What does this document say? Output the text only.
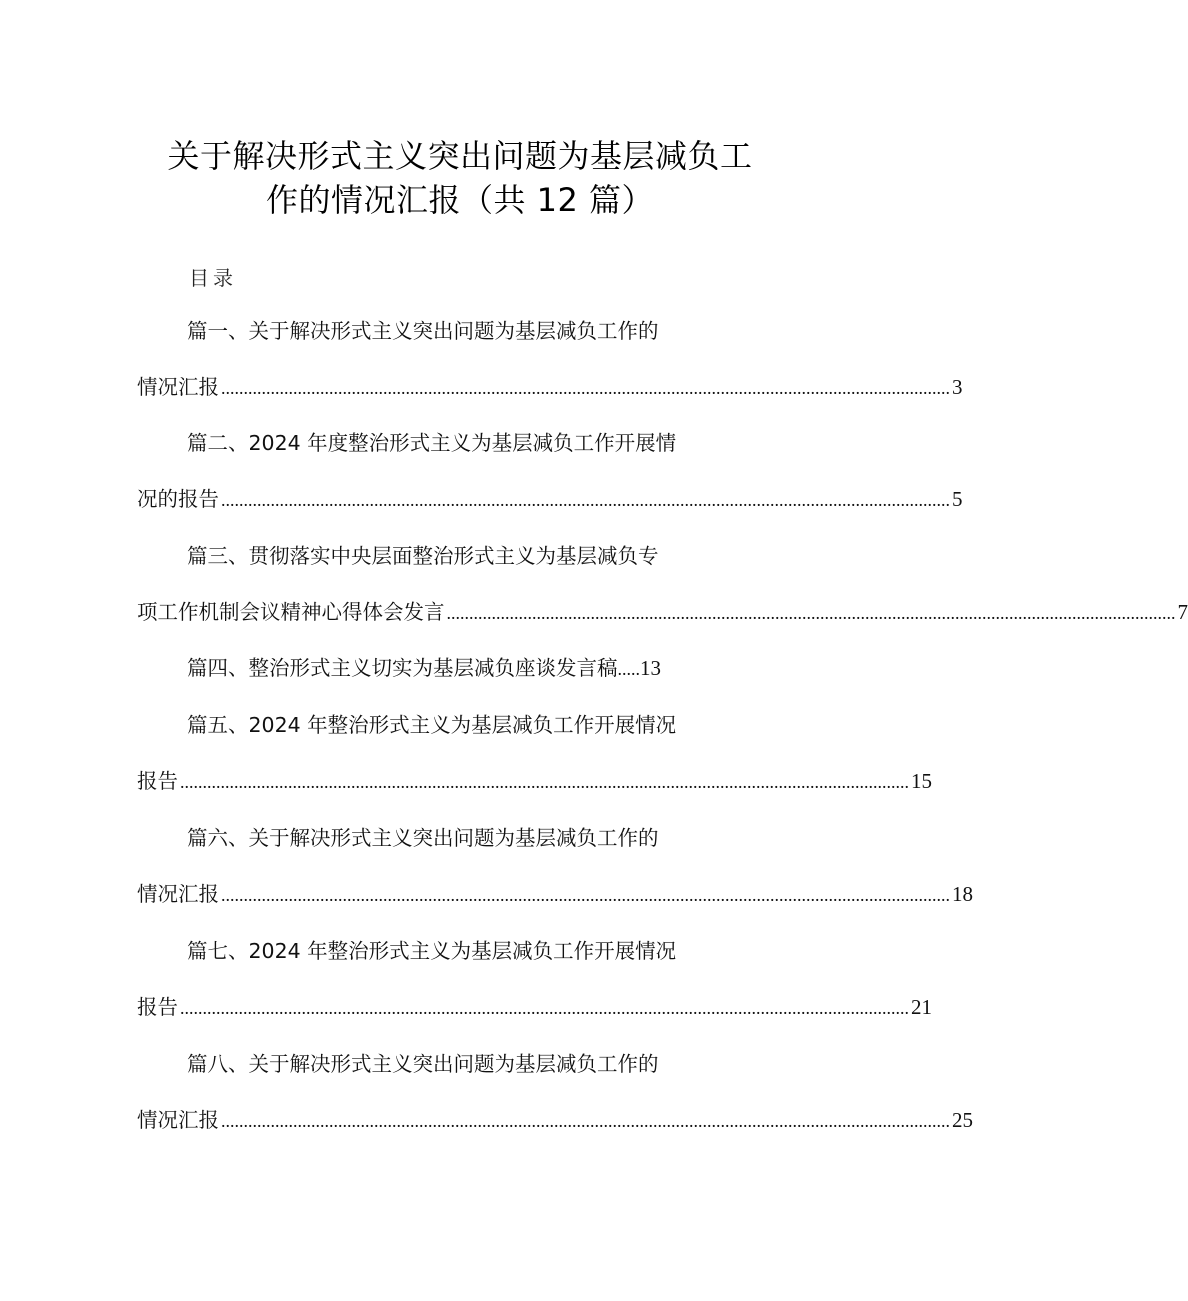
关于解决形式主义突出问题为基层减负工
作的情况汇报（共 12 篇）
目录
篇一、关于解决形式主义突出问题为基层减负工作的
情况汇报 .................................................................................................................................................................. 3
篇二、2024 年度整治形式主义为基层减负工作开展情
况的报告 .................................................................................................................................................................. 5
篇三、贯彻落实中央层面整治形式主义为基层减负专
项工作机制会议精神心得体会发言 .................................................................................................................................................................. 7
篇四、整治形式主义切实为基层减负座谈发言稿.....13
篇五、2024 年整治形式主义为基层减负工作开展情况
报告 .................................................................................................................................................................. 15
篇六、关于解决形式主义突出问题为基层减负工作的
情况汇报 .................................................................................................................................................................. 18
篇七、2024 年整治形式主义为基层减负工作开展情况
报告 .................................................................................................................................................................. 21
篇八、关于解决形式主义突出问题为基层减负工作的
情况汇报 .................................................................................................................................................................. 25
